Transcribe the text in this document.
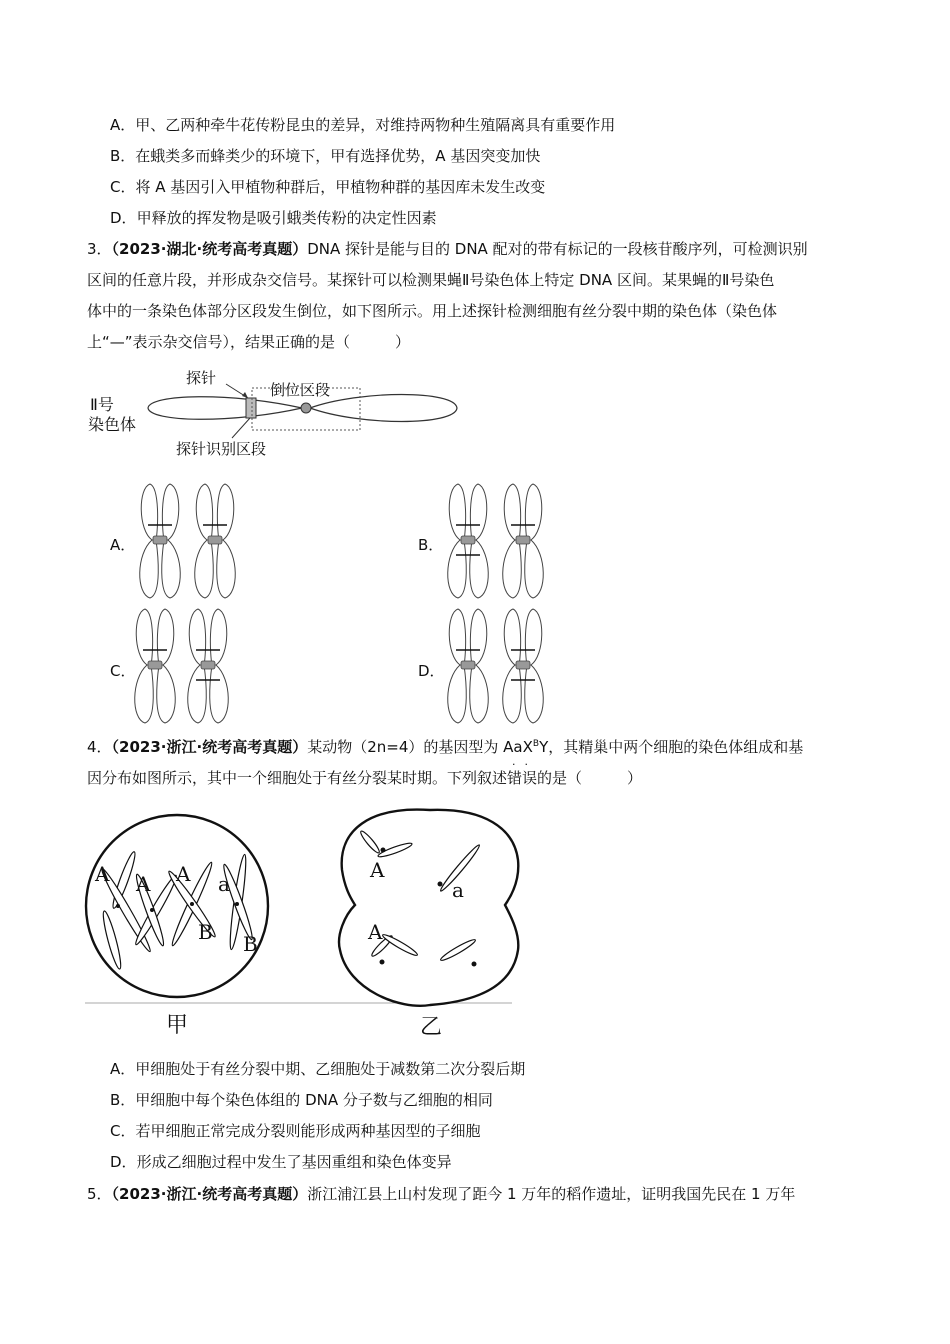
A．甲、乙两种牵牛花传粉昆虫的差异，对维持两物种生殖隔离具有重要作用
B．在蛾类多而蜂类少的环境下，甲有选择优势，A 基因突变加快
C．将 A 基因引入甲植物种群后，甲植物种群的基因库未发生改变
D．甲释放的挥发物是吸引蛾类传粉的决定性因素
3．（2023·湖北·统考高考真题）DNA 探针是能与目的 DNA 配对的带有标记的一段核苷酸序列，可检测识别
区间的任意片段，并形成杂交信号。某探针可以检测果蝇Ⅱ号染色体上特定 DNA 区间。某果蝇的Ⅱ号染色
体中的一条染色体部分区段发生倒位，如下图所示。用上述探针检测细胞有丝分裂中期的染色体（染色体
上“—”表示杂交信号），结果正确的是（　　　）
Ⅱ号
染色体
探针
倒位区段
探针识别区段
A．	B．
C．	D．
4．（2023·浙江·统考高考真题）某动物（2n=4）的基因型为 AaX$^B$Y，其精巢中两个细胞的染色体组成和基
因分布如图所示，其中一个细胞处于有丝分裂某时期。下列叙述错误
··
的是（　　　）
A A A a
B B
A
a
A
甲	乙
A．甲细胞处于有丝分裂中期、乙细胞处于减数第二次分裂后期
B．甲细胞中每个染色体组的 DNA 分子数与乙细胞的相同
C．若甲细胞正常完成分裂则能形成两种基因型的子细胞
D．形成乙细胞过程中发生了基因重组和染色体变异
5．（2023·浙江·统考高考真题）浙江浦江县上山村发现了距今 1 万年的稻作遗址，证明我国先民在 1 万年
